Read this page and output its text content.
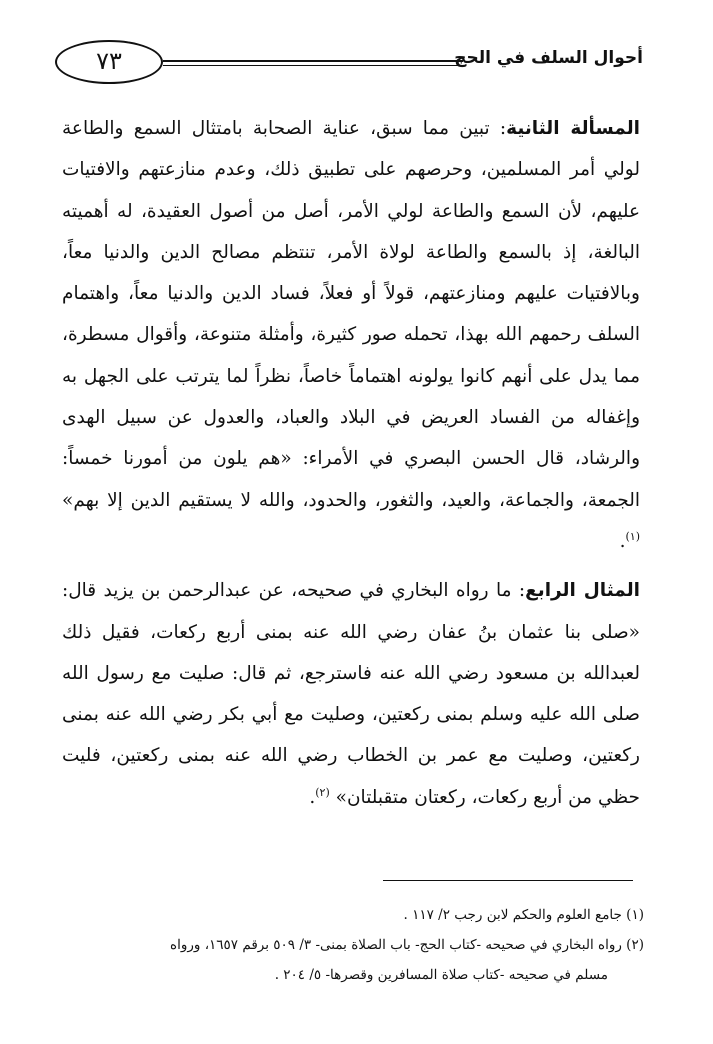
أحوال السلف في الحج
٧٣

المسألة الثانية: تبين مما سبق، عناية الصحابة بامتثال السمع والطاعة لولي أمر المسلمين، وحرصهم على تطبيق ذلك، وعدم منازعتهم والافتيات عليهم، لأن السمع والطاعة لولي الأمر، أصل من أصول العقيدة، له أهميته البالغة، إذ بالسمع والطاعة لولاة الأمر، تنتظم مصالح الدين والدنيا معاً، وبالافتيات عليهم ومنازعتهم، قولاً أو فعلاً، فساد الدين والدنيا معاً، واهتمام السلف رحمهم الله بهذا، تحمله صور كثيرة، وأمثلة متنوعة، وأقوال مسطرة، مما يدل على أنهم كانوا يولونه اهتماماً خاصاً، نظراً لما يترتب على الجهل به وإغفاله من الفساد العريض في البلاد والعباد، والعدول عن سبيل الهدى والرشاد، قال الحسن البصري في الأمراء: «هم يلون من أمورنا خمساً: الجمعة، والجماعة، والعيد، والثغور، والحدود، والله لا يستقيم الدين إلا بهم» $^{(١)}$.

المثال الرابع: ما رواه البخاري في صحيحه، عن عبدالرحمن بن يزيد قال: «صلى بنا عثمان بنُ عفان رضي الله عنه بمنى أربع ركعات، فقيل ذلك لعبدالله بن مسعود رضي الله عنه فاسترجع، ثم قال: صليت مع رسول الله صلى الله عليه وسلم بمنى ركعتين، وصليت مع أبي بكر رضي الله عنه بمنى ركعتين، وصليت مع عمر بن الخطاب رضي الله عنه بمنى ركعتين، فليت حظي من أربع ركعات، ركعتان متقبلتان» $^{(٢)}$.

(١) جامع العلوم والحكم لابن رجب ٢/ ١١٧ .

(٢) رواه البخاري في صحيحه -كتاب الحج- باب الصلاة بمنى- ٣/ ٥٠٩ برقم ١٦٥٧، ورواه

مسلم في صحيحه -كتاب صلاة المسافرين وقصرها- ٥/ ٢٠٤ .
